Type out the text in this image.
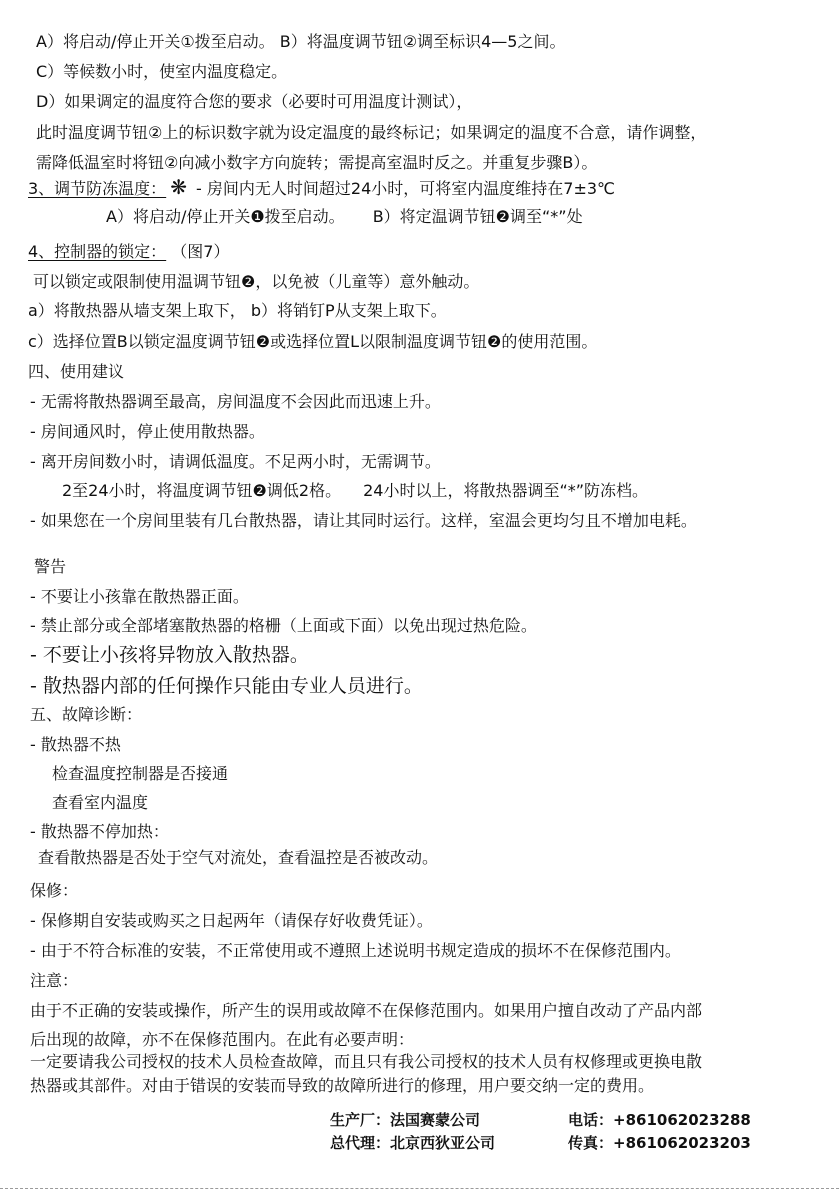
A）将启动/停止开关①拨至启动。 B）将温度调节钮②调至标识4—5之间。
C）等候数小时，使室内温度稳定。
D）如果调定的温度符合您的要求（必要时可用温度计测试），
此时温度调节钮②上的标识数字就为设定温度的最终标记；如果调定的温度不合意，请作调整，
需降低温室时将钮②向减小数字方向旋转；需提高室温时反之。并重复步骤B）。
3、调节防冻温度： ❋ - 房间内无人时间超过24小时，可将室内温度维持在7±3℃
A）将启动/停止开关❶拨至启动。 B）将定温调节钮❷调至“*”处
4、控制器的锁定： （图7）
可以锁定或限制使用温调节钮❷，以免被（儿童等）意外触动。
a）将散热器从墙支架上取下， b）将销钉P从支架上取下。
c）选择位置B以锁定温度调节钮❷或选择位置L以限制温度调节钮❷的使用范围。
四、使用建议
- 无需将散热器调至最高，房间温度不会因此而迅速上升。
- 房间通风时，停止使用散热器。
- 离开房间数小时，请调低温度。不足两小时，无需调节。
2至24小时，将温度调节钮❷调低2格。 24小时以上，将散热器调至“*”防冻档。
- 如果您在一个房间里装有几台散热器，请让其同时运行。这样，室温会更均匀且不增加电耗。
警告
- 不要让小孩靠在散热器正面。
- 禁止部分或全部堵塞散热器的格栅（上面或下面）以免出现过热危险。
- 不要让小孩将异物放入散热器。
- 散热器内部的任何操作只能由专业人员进行。
五、故障诊断：
- 散热器不热
检查温度控制器是否接通
查看室内温度
- 散热器不停加热：
查看散热器是否处于空气对流处，查看温控是否被改动。
保修：
- 保修期自安装或购买之日起两年（请保存好收费凭证）。
- 由于不符合标准的安装，不正常使用或不遵照上述说明书规定造成的损坏不在保修范围内。
注意：
由于不正确的安装或操作，所产生的误用或故障不在保修范围内。如果用户擅自改动了产品内部
后出现的故障，亦不在保修范围内。在此有必要声明：
一定要请我公司授权的技术人员检查故障，而且只有我公司授权的技术人员有权修理或更换电散
热器或其部件。对由于错误的安装而导致的故障所进行的修理，用户要交纳一定的费用。
生产厂：法国赛蒙公司	电话：+861062023288
总代理：北京西狄亚公司	传真：+861062023203
